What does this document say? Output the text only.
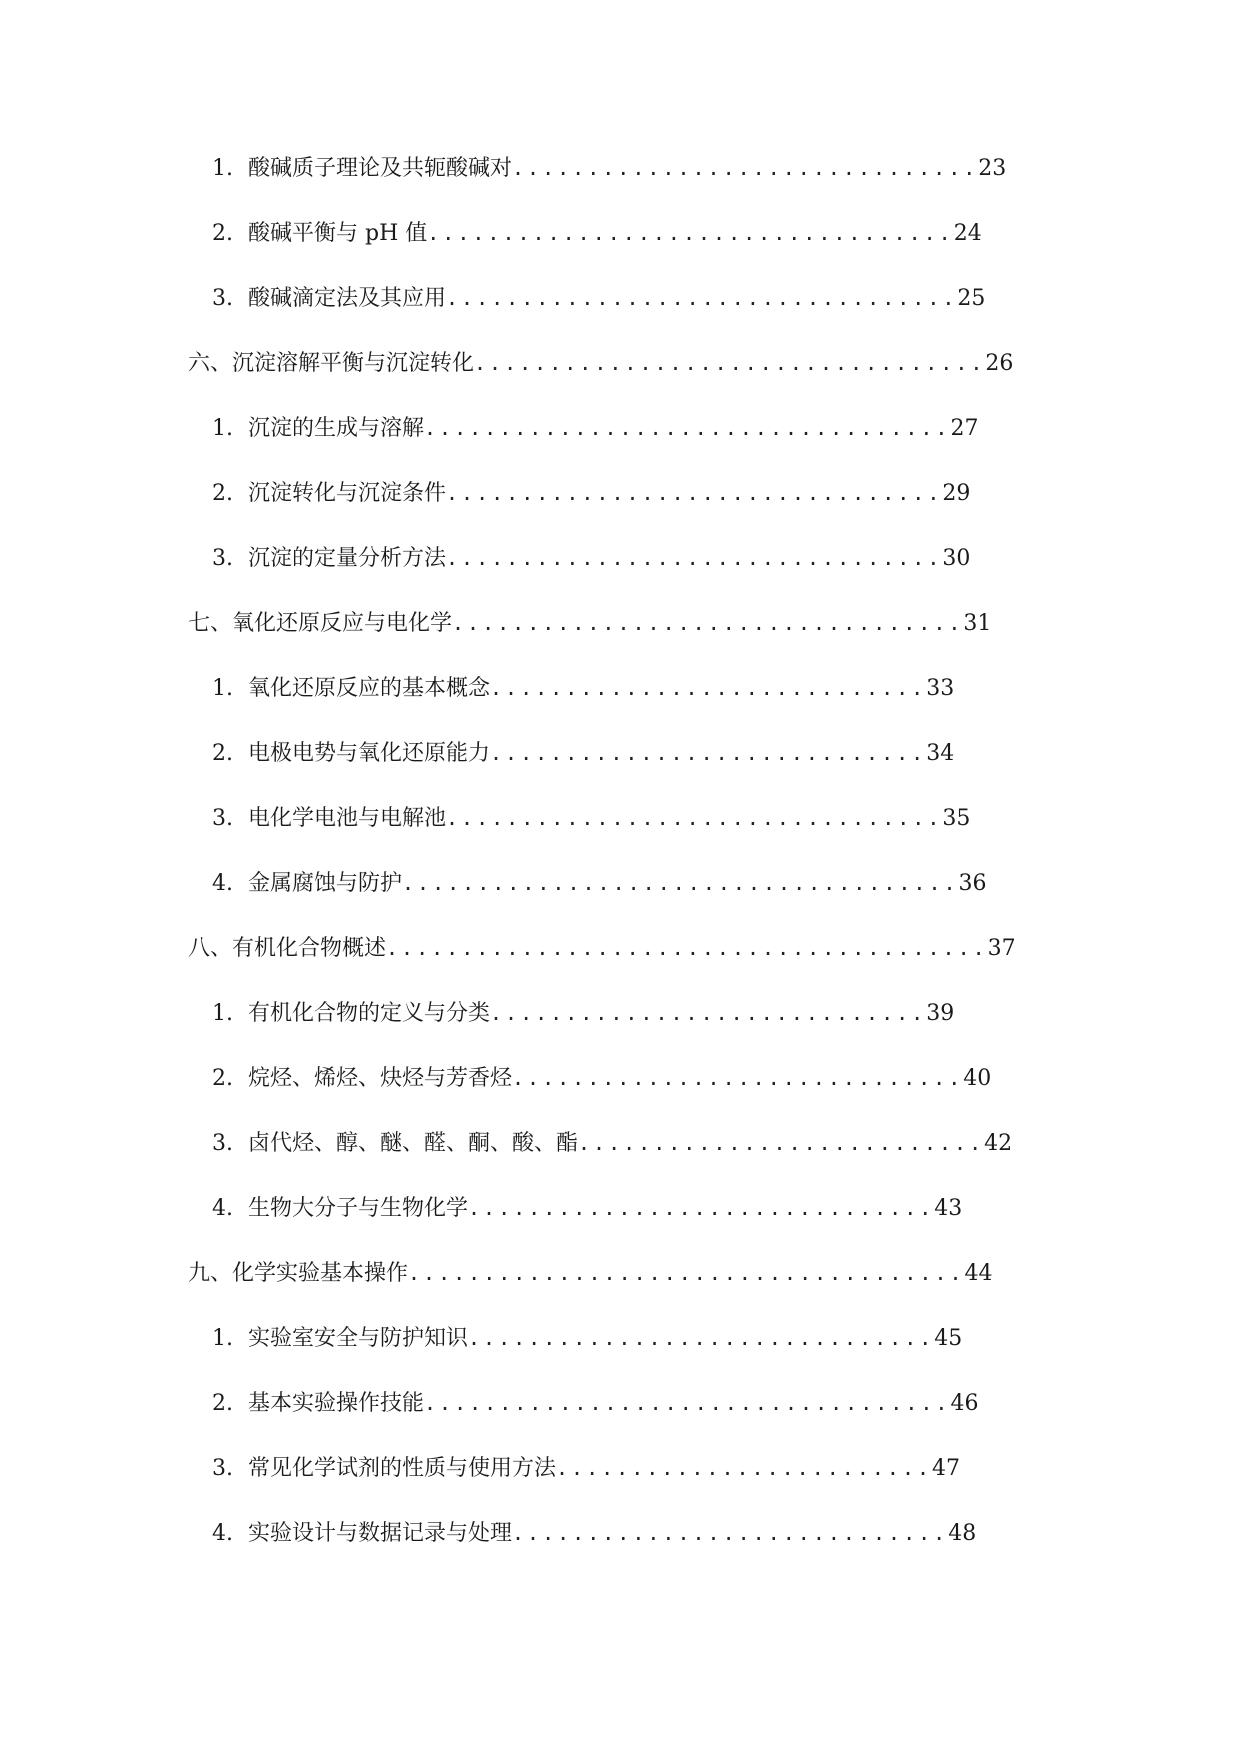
1. 酸碱质子理论及共轭酸碱对...............................23
2. 酸碱平衡与 pH 值...................................24
3. 酸碱滴定法及其应用..................................25
六、沉淀溶解平衡与沉淀转化..................................26
1. 沉淀的生成与溶解...................................27
2. 沉淀转化与沉淀条件.................................29
3. 沉淀的定量分析方法.................................30
七、氧化还原反应与电化学..................................31
1. 氧化还原反应的基本概念.............................33
2. 电极电势与氧化还原能力.............................34
3. 电化学电池与电解池.................................35
4. 金属腐蚀与防护.....................................36
八、有机化合物概述........................................37
1. 有机化合物的定义与分类.............................39
2. 烷烃、烯烃、炔烃与芳香烃..............................40
3. 卤代烃、醇、醚、醛、酮、酸、酯...........................42
4. 生物大分子与生物化学...............................43
九、化学实验基本操作.....................................44
1. 实验室安全与防护知识...............................45
2. 基本实验操作技能...................................46
3. 常见化学试剂的性质与使用方法.........................47
4. 实验设计与数据记录与处理.............................48
